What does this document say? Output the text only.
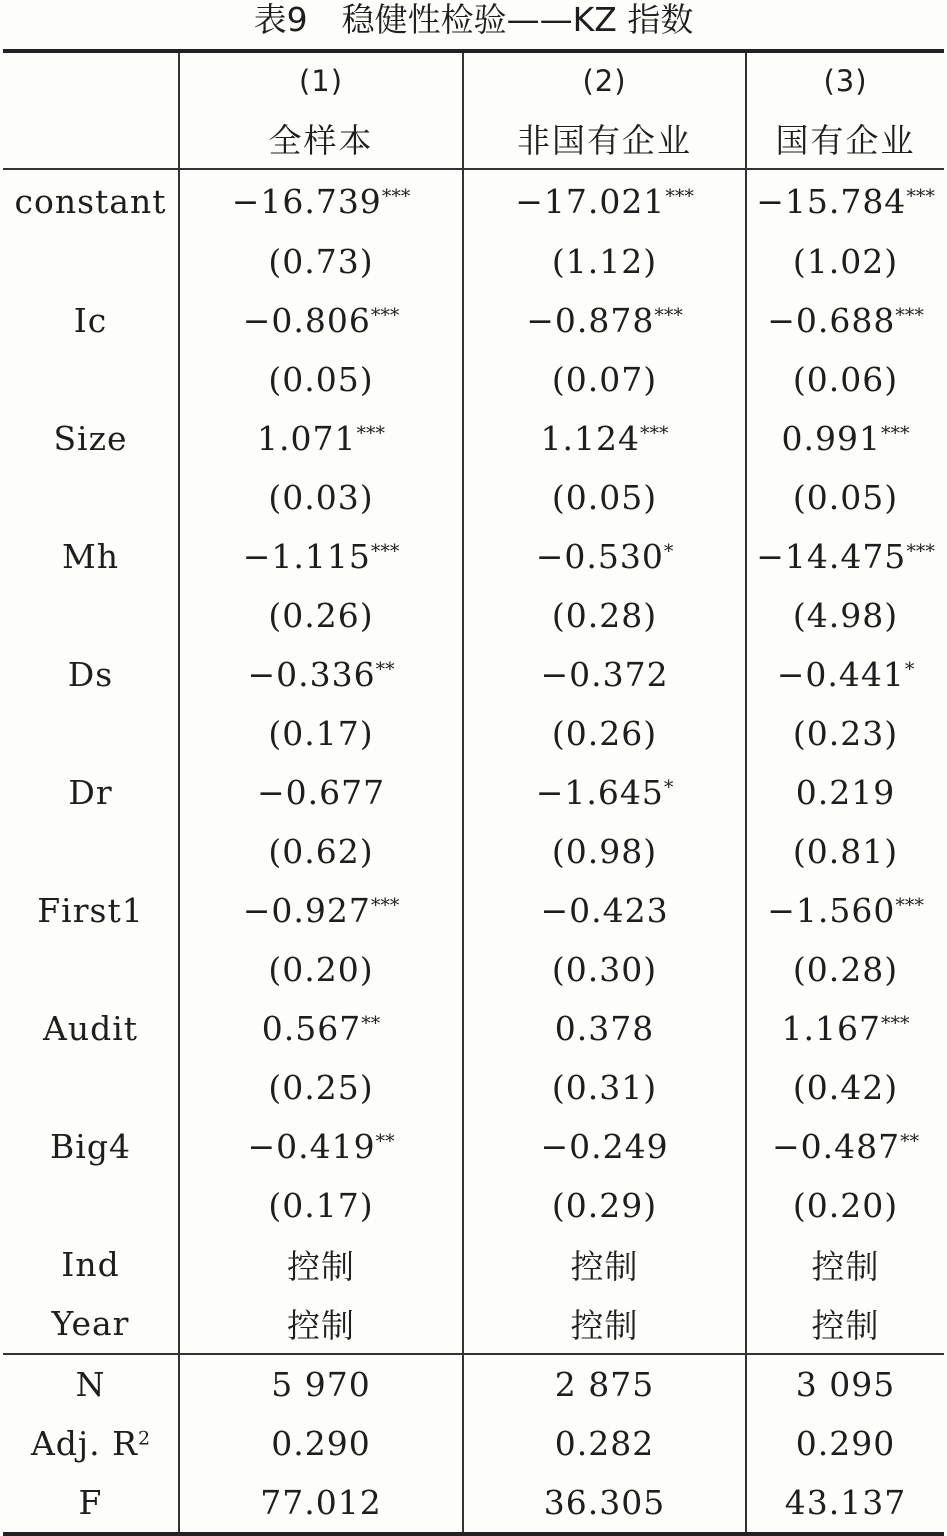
表9 稳健性检验——KZ 指数
	(1)	(2)	(3)
	全样本	非国有企业	国有企业
constant	−16.739***	−17.021***	−15.784***
	(0.73)	(1.12)	(1.02)
Ic	−0.806***	−0.878***	−0.688***
	(0.05)	(0.07)	(0.06)
Size	1.071***	1.124***	0.991***
	(0.03)	(0.05)	(0.05)
Mh	−1.115***	−0.530*	−14.475***
	(0.26)	(0.28)	(4.98)
Ds	−0.336**	−0.372	−0.441*
	(0.17)	(0.26)	(0.23)
Dr	−0.677	−1.645*	0.219
	(0.62)	(0.98)	(0.81)
First1	−0.927***	−0.423	−1.560***
	(0.20)	(0.30)	(0.28)
Audit	0.567**	0.378	1.167***
	(0.25)	(0.31)	(0.42)
Big4	−0.419**	−0.249	−0.487**
	(0.17)	(0.29)	(0.20)
Ind	控制	控制	控制
Year	控制	控制	控制
N	5 970	2 875	3 095
Adj. $R^2$	0.290	0.282	0.290
F	77.012	36.305	43.137
